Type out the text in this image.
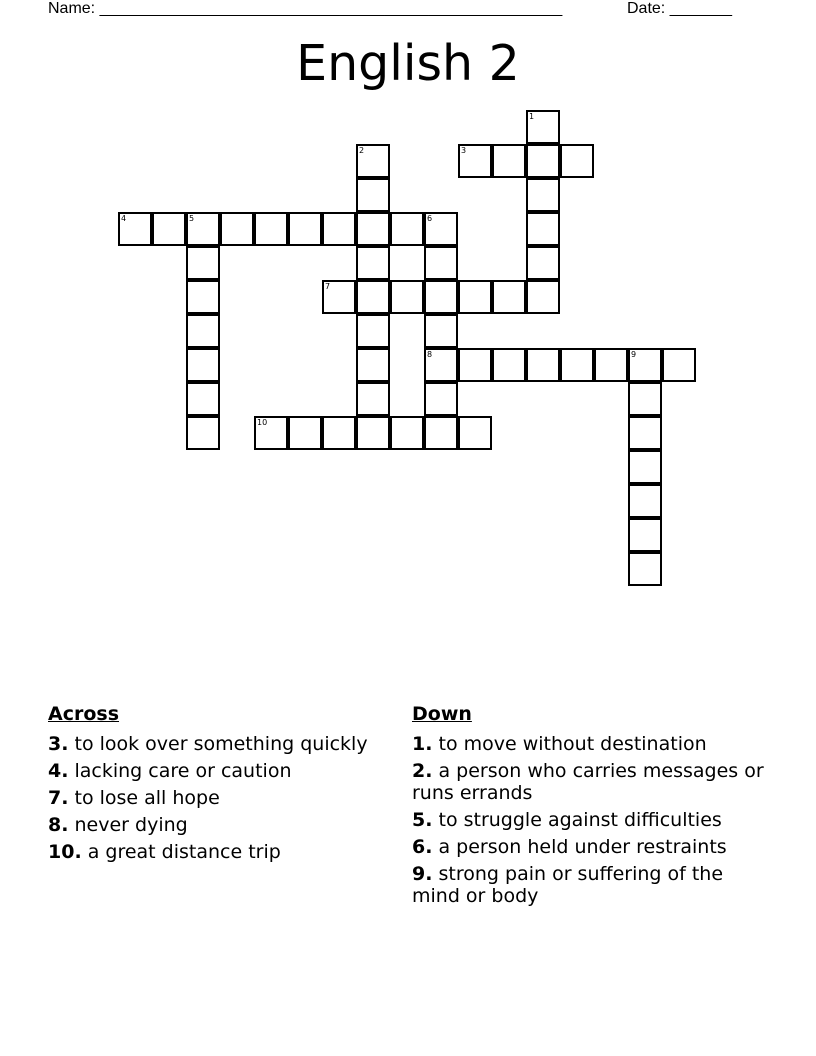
Name: ____________________________________________________	Date: _______
English 2
1
2	3
4	5	6
8
7
9
10
Across
3. to look over something quickly
4. lacking care or caution
7. to lose all hope
8. never dying
10. a great distance trip
Down
1. to move without destination
2. a person who carries messages or runs errands
5. to struggle against difficulties
6. a person held under restraints
9. strong pain or suffering of the mind or body
